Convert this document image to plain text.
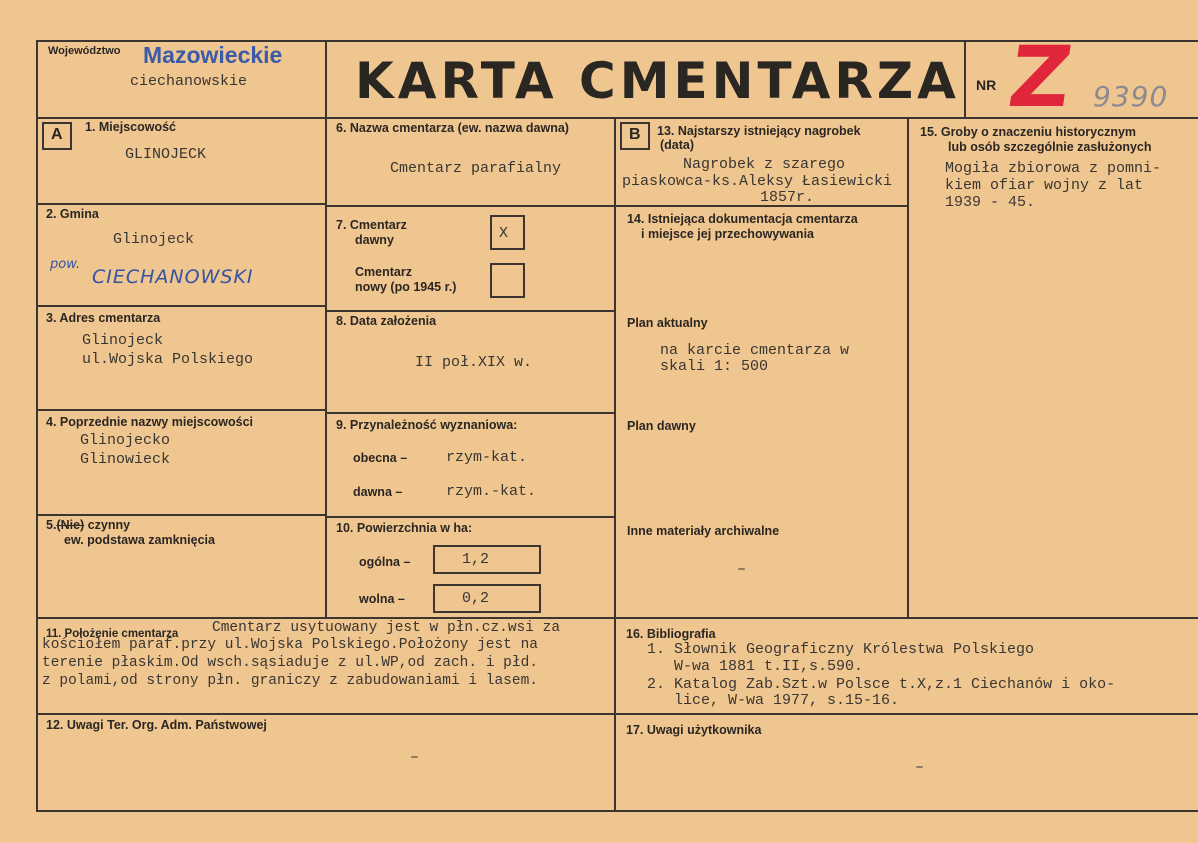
Województwo Mazowieckie
ciechanowskie KARTA CMENTARZA NR Z 9390
A	B
1. Miejscowość
GLINOJECK
2. Gmina
Glinojeck
pow.
CIECHANOWSKI
3. Adres cmentarza
Glinojeck
ul.Wojska Polskiego
4. Poprzednie nazwy miejscowości
Glinojecko
Glinowieck
5.(Nie) czynny
ew. podstawa zamknięcia
6. Nazwa cmentarza (ew. nazwa dawna)
Cmentarz parafialny
7. Cmentarz
dawny	X
Cmentarz
nowy (po 1945 r.)
8. Data założenia
II poł.XIX w.
9. Przynależność wyznaniowa:
obecna –	rzym-kat.
dawna –	rzym.-kat.
10. Powierzchnia w ha:
ogólna –	1,2
wolna –	0,2
11. Położenie cmentarza Cmentarz usytuowany jest w płn.cz.wsi za
kościołem paraf.przy ul.Wojska Polskiego.Położony jest na
terenie płaskim.Od wsch.sąsiaduje z ul.WP,od zach. i płd.
z polami,od strony płn. graniczy z zabudowaniami i lasem.
12. Uwagi Ter. Org. Adm. Państwowej
–
13. Najstarszy istniejący nagrobek
(data)
Nagrobek z szarego
piaskowca-ks.Aleksy Łasiewicki
1857r.
14. Istniejąca dokumentacja cmentarza
i miejsce jej przechowywania
Plan aktualny
na karcie cmentarza w
skali 1: 500
Plan dawny
Inne materiały archiwalne
–
15. Groby o znaczeniu historycznym
lub osób szczególnie zasłużonych
Mogiła zbiorowa z pomni-
kiem ofiar wojny z lat
1939 - 45.
16. Bibliografia
1. Słownik Geograficzny Królestwa Polskiego
W-wa 1881 t.II,s.590.
2. Katalog Zab.Szt.w Polsce t.X,z.1 Ciechanów i oko-
lice, W-wa 1977, s.15-16.
17. Uwagi użytkownika
–
